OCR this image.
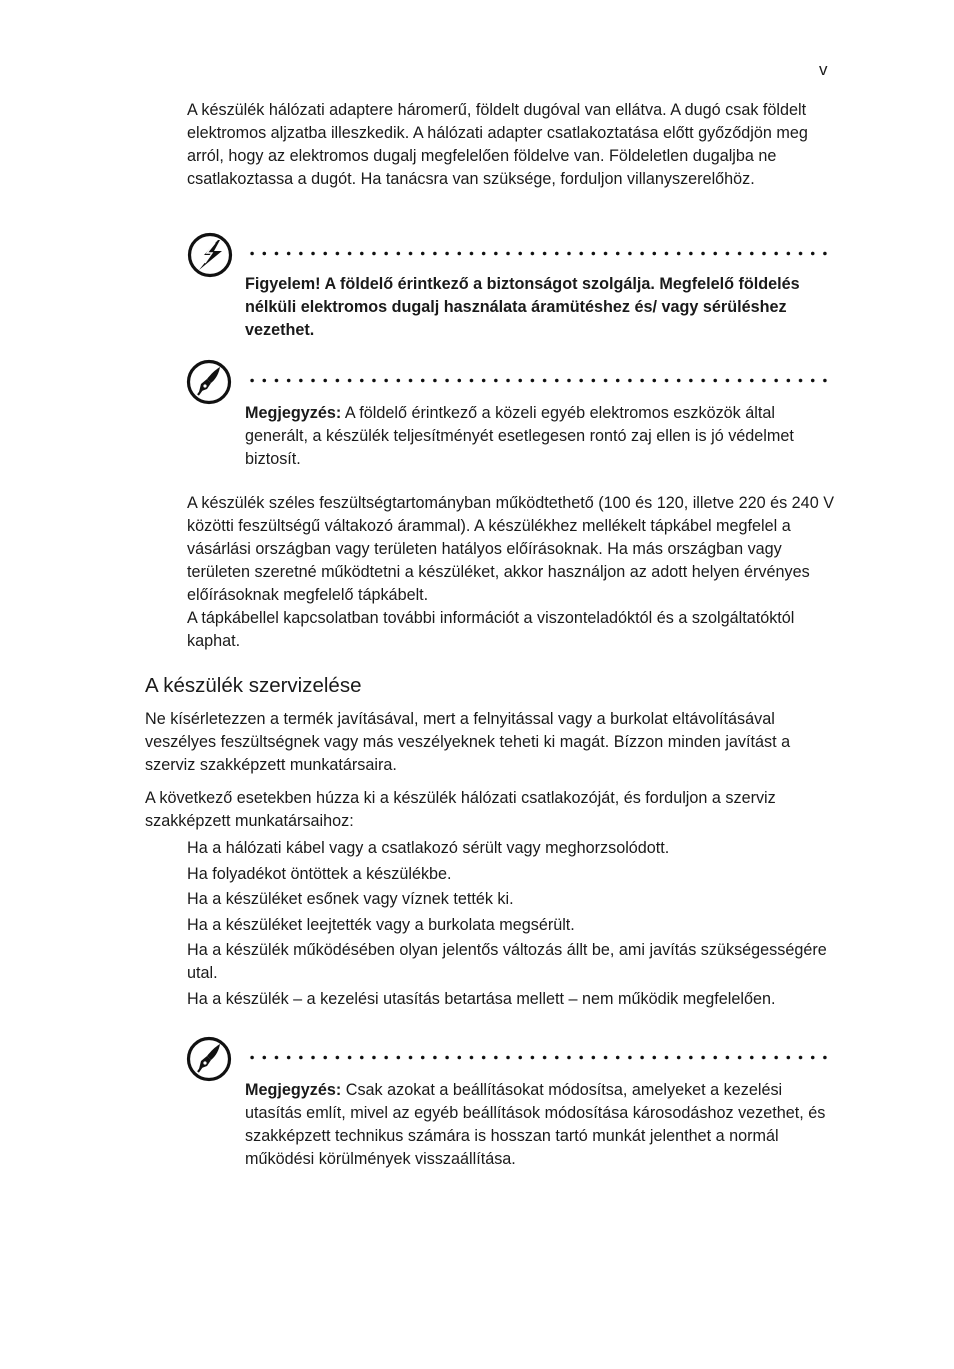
v

A készülék hálózati adaptere háromerű, földelt dugóval van ellátva. A dugó csak földelt elektromos aljzatba illeszkedik. A hálózati adapter csatlakoztatása előtt győződjön meg arról, hogy az elektromos dugalj megfelelően földelve van. Földeletlen dugaljba ne csatlakoztassa a dugót. Ha tanácsra van szüksége, forduljon villanyszerelőhöz.

Figyelem! A földelő érintkező a biztonságot szolgálja. Megfelelő földelés nélküli elektromos dugalj használata áramütéshez és/ vagy sérüléshez vezethet.

Megjegyzés: A földelő érintkező a közeli egyéb elektromos eszközök által generált, a készülék teljesítményét esetlegesen rontó zaj ellen is jó védelmet biztosít.

A készülék széles feszültségtartományban működtethető (100 és 120, illetve 220 és 240 V közötti feszültségű váltakozó árammal). A készülékhez mellékelt tápkábel megfelel a vásárlási országban vagy területen hatályos előírásoknak. Ha más országban vagy területen szeretné működtetni a készüléket, akkor használjon az adott helyen érvényes előírásoknak megfelelő tápkábelt.

A tápkábellel kapcsolatban további információt a viszonteladóktól és a szolgáltatóktól kaphat.

A készülék szervizelése

Ne kísérletezzen a termék javításával, mert a felnyitással vagy a burkolat eltávolításával veszélyes feszültségnek vagy más veszélyeknek teheti ki magát. Bízzon minden javítást a szerviz szakképzett munkatársaira.

A következő esetekben húzza ki a készülék hálózati csatlakozóját, és forduljon a szerviz szakképzett munkatársaihoz:

Ha a hálózati kábel vagy a csatlakozó sérült vagy meghorzsolódott.
Ha folyadékot öntöttek a készülékbe.
Ha a készüléket esőnek vagy víznek tették ki.
Ha a készüléket leejtették vagy a burkolata megsérült.
Ha a készülék működésében olyan jelentős változás állt be, ami javítás szükségességére utal.
Ha a készülék – a kezelési utasítás betartása mellett – nem működik megfelelően.

Megjegyzés: Csak azokat a beállításokat módosítsa, amelyeket a kezelési utasítás említ, mivel az egyéb beállítások módosítása károsodáshoz vezethet, és szakképzett technikus számára is hosszan tartó munkát jelenthet a normál működési körülmények visszaállítása.
